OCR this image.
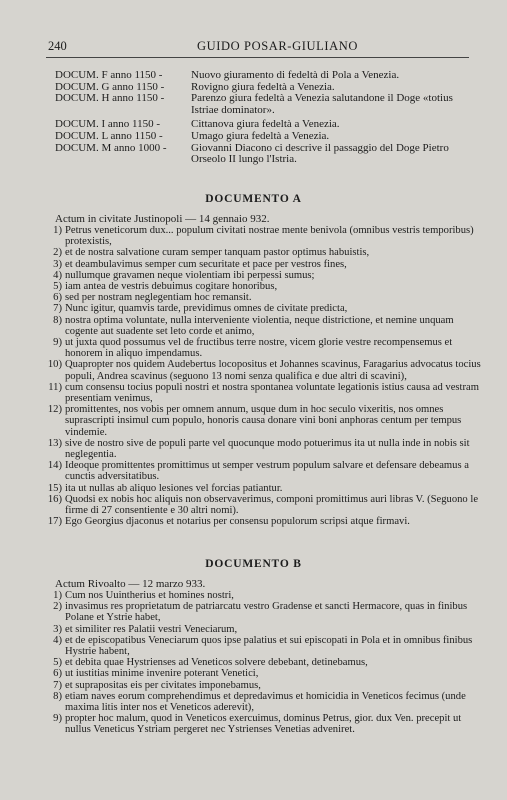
240	GUIDO POSAR-GIULIANO
DOCUM. F anno 1150 -	Nuovo giuramento di fedeltà di Pola a Venezia.
DOCUM. G anno 1150 -	Rovigno giura fedeltà a Venezia.
DOCUM. H anno 1150 -	Parenzo giura fedeltà a Venezia salutandone il Doge «totius Istriae dominator».
DOCUM. I anno 1150 -	Cittanova giura fedeltà a Venezia.
DOCUM. L anno 1150 -	Umago giura fedeltà a Venezia.
DOCUM. M anno 1000 -	Giovanni Diacono ci descrive il passaggio del Doge Pietro Orseolo II lungo l'Istria.
DOCUMENTO A
Actum in civitate Justinopoli — 14 gennaio 932.
1) Petrus veneticorum dux... populum civitati nostrae mente benivola (omnibus vestris temporibus) protexistis,
2) et de nostra salvatione curam semper tanquam pastor optimus habuistis,
3) et deambulavimus semper cum securitate et pace per vestros fines,
4) nullumque gravamen neque violentiam ibi perpessi sumus;
5) iam antea de vestris debuimus cogitare honoribus,
6) sed per nostram neglegentiam hoc remansit.
7) Nunc igitur, quamvis tarde, previdimus omnes de civitate predicta,
8) nostra optima voluntate, nulla interveniente violentia, neque districtione, et nemine unquam cogente aut suadente set leto corde et animo,
9) ut juxta quod possumus vel de fructibus terre nostre, vicem glorie vestre recompensemus et honorem in aliquo impendamus.
10) Quapropter nos quidem Audebertus locopositus et Johannes scavinus, Faragarius advocatus tocius populi, Andrea scavinus (seguono 13 nomi senza qualifica e due altri di scavini),
11) cum consensu tocius populi nostri et nostra spontanea voluntate legationis istius causa ad vestram presentiam venimus,
12) promittentes, nos vobis per omnem annum, usque dum in hoc seculo vixeritis, nos omnes suprascripti insimul cum populo, honoris causa donare vini boni anphoras centum per tempus vindemie.
13) sive de nostro sive de populi parte vel quocunque modo potuerimus ita ut nulla inde in nobis sit neglegentia.
14) Ideoque promittentes promittimus ut semper vestrum populum salvare et defensare debeamus a cunctis adversitatibus.
15) ita ut nullas ab aliquo lesiones vel forcias patiantur.
16) Quodsi ex nobis hoc aliquis non observaverimus, componi promittimus auri libras V. (Seguono le firme di 27 consentiente e 30 altri nomi).
17) Ego Georgius djaconus et notarius per consensu populorum scripsi atque firmavi.
DOCUMENTO B
Actum Rivoalto — 12 marzo 933.
1) Cum nos Uuintherius et homines nostri,
2) invasimus res proprietatum de patriarcatu vestro Gradense et sancti Hermacore, quas in finibus Polane et Ystrie habet,
3) et similiter res Palatii vestri Veneciarum,
4) et de episcopatibus Veneciarum quos ipse palatius et sui episcopati in Pola et in omnibus finibus Hystrie habent,
5) et debita quae Hystrienses ad Veneticos solvere debebant, detinebamus,
6) ut iustitias minime invenire poterant Venetici,
7) et suprapositas eis per civitates imponebamus,
8) etiam naves eorum comprehendimus et depredavimus et homicidia in Veneticos fecimus (unde maxima litis inter nos et Veneticos aderevit),
9) propter hoc malum, quod in Veneticos exercuimus, dominus Petrus, gior. dux Ven. precepit ut nullus Veneticus Ystriam pergeret nec Ystrienses Venetias adveniret.
